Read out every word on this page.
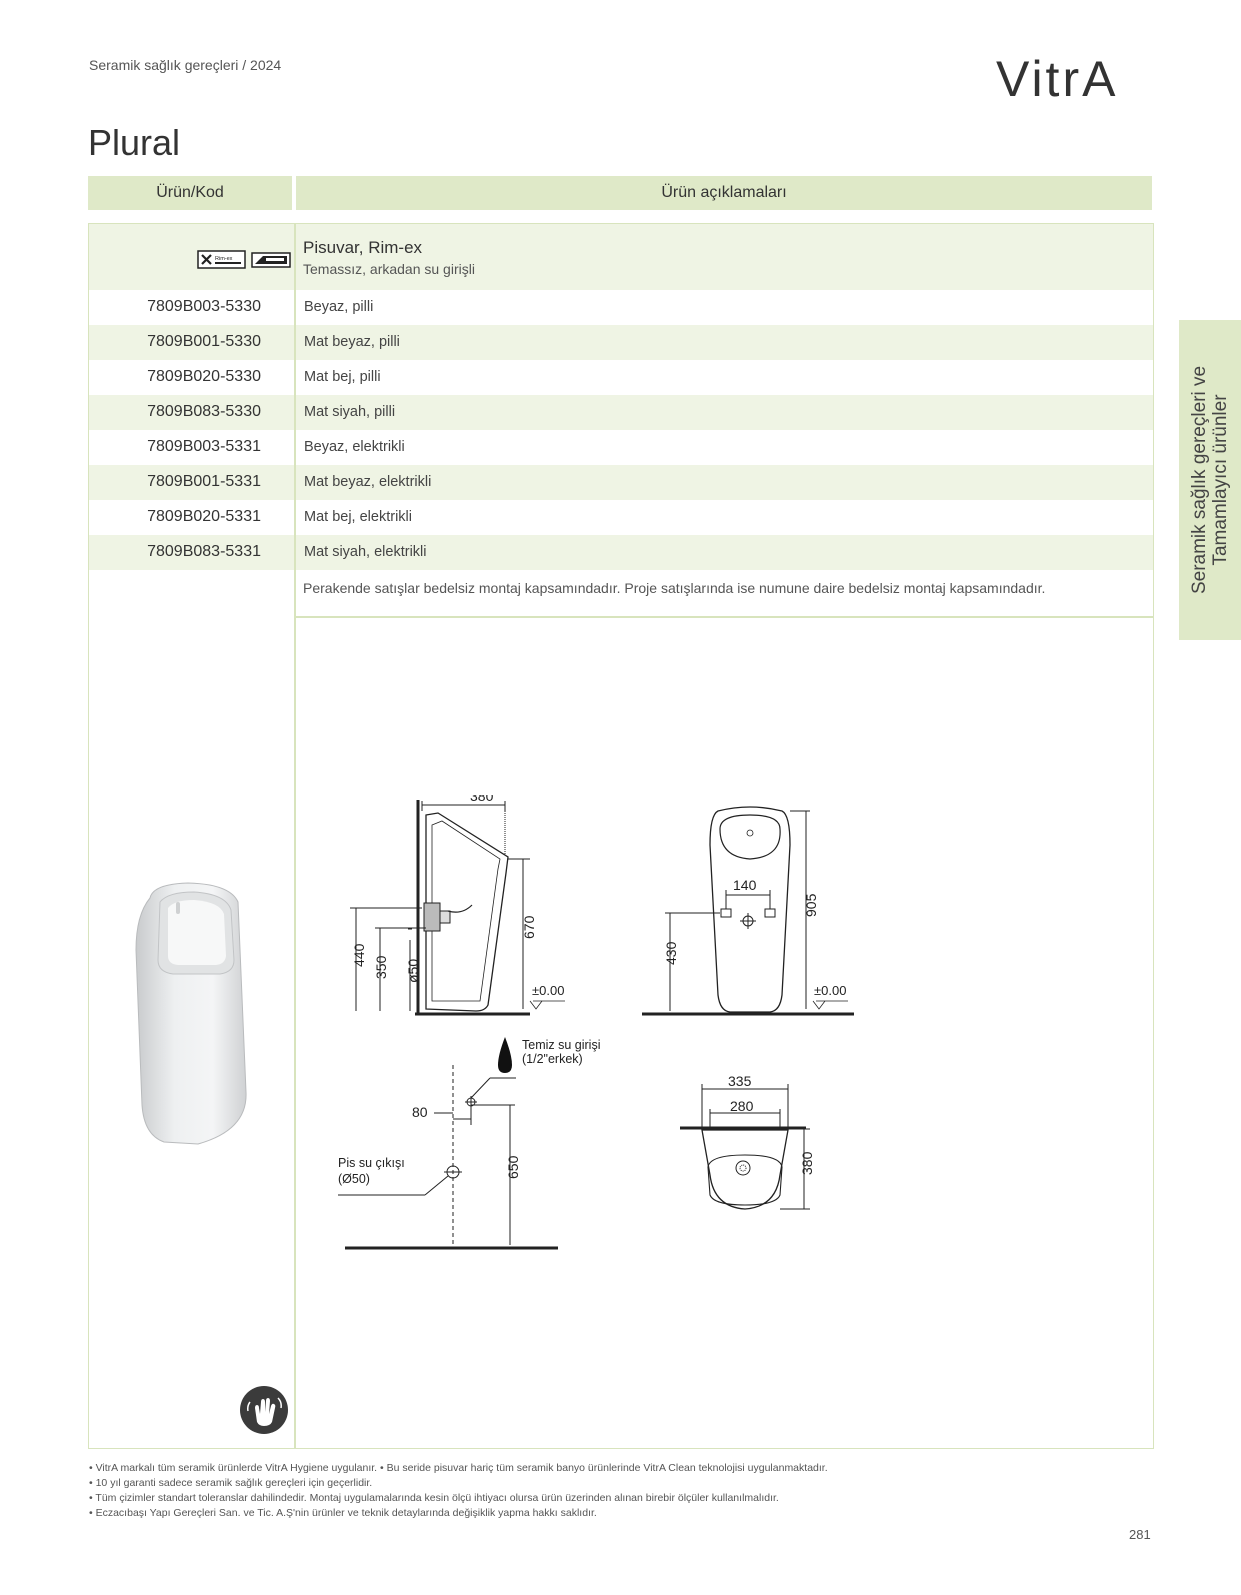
Seramik sağlık gereçleri / 2024	VitrA
Plural
Ürün/Kod	Ürün açıklamaları
Rim-ex
Pisuvar, Rim-ex
Temassız, arkadan su girişli
7809B003-5330	Beyaz, pilli
7809B001-5330	Mat beyaz, pilli
7809B020-5330	Mat bej, pilli
7809B083-5330	Mat siyah, pilli
7809B003-5331	Beyaz, elektrikli
7809B001-5331	Mat beyaz, elektrikli
7809B020-5331	Mat bej, elektrikli
7809B083-5331	Mat siyah, elektrikli
Perakende satışlar bedelsiz montaj kapsamındadır. Proje satışlarında ise numune daire bedelsiz montaj kapsamındadır.
380
440
350 ø50
670
±0.00
140
905
430
±0.00
Temiz su girişi
(1/2"erkek)
80
650
Pis su çıkışı
(Ø50)
335
280
380
Seramik sağlık gereçleri ve Tamamlayıcı ürünler
• VitrA markalı tüm seramik ürünlerde VitrA Hygiene uygulanır. • Bu seride pisuvar hariç tüm seramik banyo ürünlerinde VitrA Clean teknolojisi uygulanmaktadır.
• 10 yıl garanti sadece seramik sağlık gereçleri için geçerlidir.
• Tüm çizimler standart toleranslar dahilindedir. Montaj uygulamalarında kesin ölçü ihtiyacı olursa ürün üzerinden alınan birebir ölçüler kullanılmalıdır.
• Eczacıbaşı Yapı Gereçleri San. ve Tic. A.Ş'nin ürünler ve teknik detaylarında değişiklik yapma hakkı saklıdır.
281
